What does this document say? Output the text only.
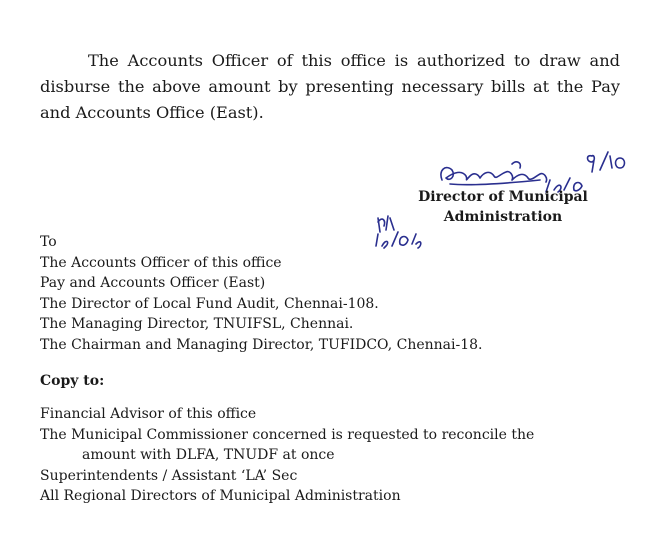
The Accounts Officer of this office is authorized to draw and disburse the above amount by presenting necessary bills at the Pay and Accounts Office (East).
Director of Municipal
Administration
To
The Accounts Officer of this office
Pay and Accounts Officer (East)
The Director of Local Fund Audit, Chennai-108.
The Managing Director, TNUIFSL, Chennai.
The Chairman and Managing Director, TUFIDCO, Chennai-18.
Copy to:
Financial Advisor of this office
The Municipal Commissioner concerned is requested to reconcile the
amount with DLFA, TNUDF at once
Superintendents / Assistant ‘LA’ Sec
All Regional Directors of Municipal Administration
